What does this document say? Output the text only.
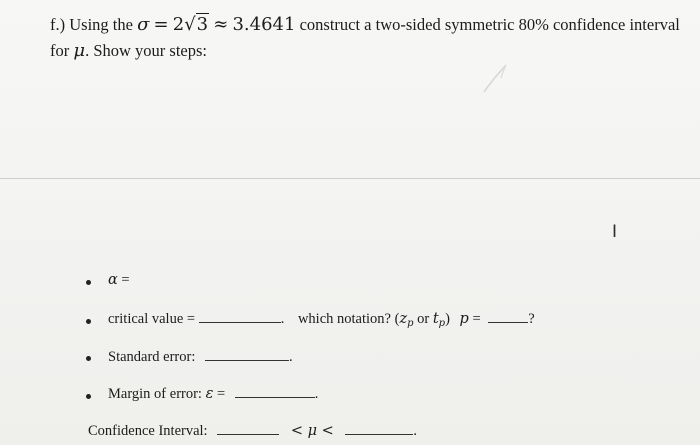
f.) Using the σ = 2√3 ≈ 3.4641 construct a two-sided symmetric 80% confidence interval
for μ. Show your steps:
I
α =
critical value =	. which notation? ($z_p$ or $t_p$) p =	?
Standard error:	.
Margin of error: ε =	.
Confidence Interval:	< μ <	.
